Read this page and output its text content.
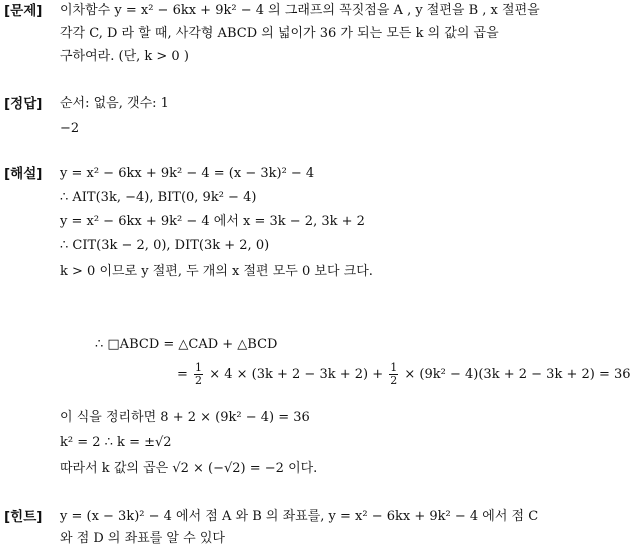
[문제] 이차함수 y = x² − 6kx + 9k² − 4 의 그래프의 꼭짓점을 A , y 절편을 B , x 절편을
각각 C, D 라 할 때, 사각형 ABCD 의 넓이가 36 가 되는 모든 k 의 값의 곱을
구하여라. (단, k > 0 )
[정답] 순서: 없음, 갯수: 1
−2
[해설] y = x² − 6kx + 9k² − 4 = (x − 3k)² − 4
∴ AIT(3k, −4), BIT(0, 9k² − 4)
y = x² − 6kx + 9k² − 4 에서 x = 3k − 2, 3k + 2
∴ CIT(3k − 2, 0), DIT(3k + 2, 0)
k > 0 이므로 y 절편, 두 개의 x 절편 모두 0 보다 크다.
∴ □ABCD = △CAD + △BCD
= $\frac{1}{2} \times 4 \times (3k + 2 - 3k + 2) + \frac{1}{2} \times (9k^2 - 4)(3k + 2 - 3k + 2) = 36$
이 식을 정리하면 8 + 2 × (9k² − 4) = 36
k² = 2 ∴ k = ±√2
따라서 k 값의 곱은 √2 × (−√2) = −2 이다.
[힌트] y = (x − 3k)² − 4 에서 점 A 와 B 의 좌표를, y = x² − 6kx + 9k² − 4 에서 점 C
와 점 D 의 좌표를 알 수 있다
